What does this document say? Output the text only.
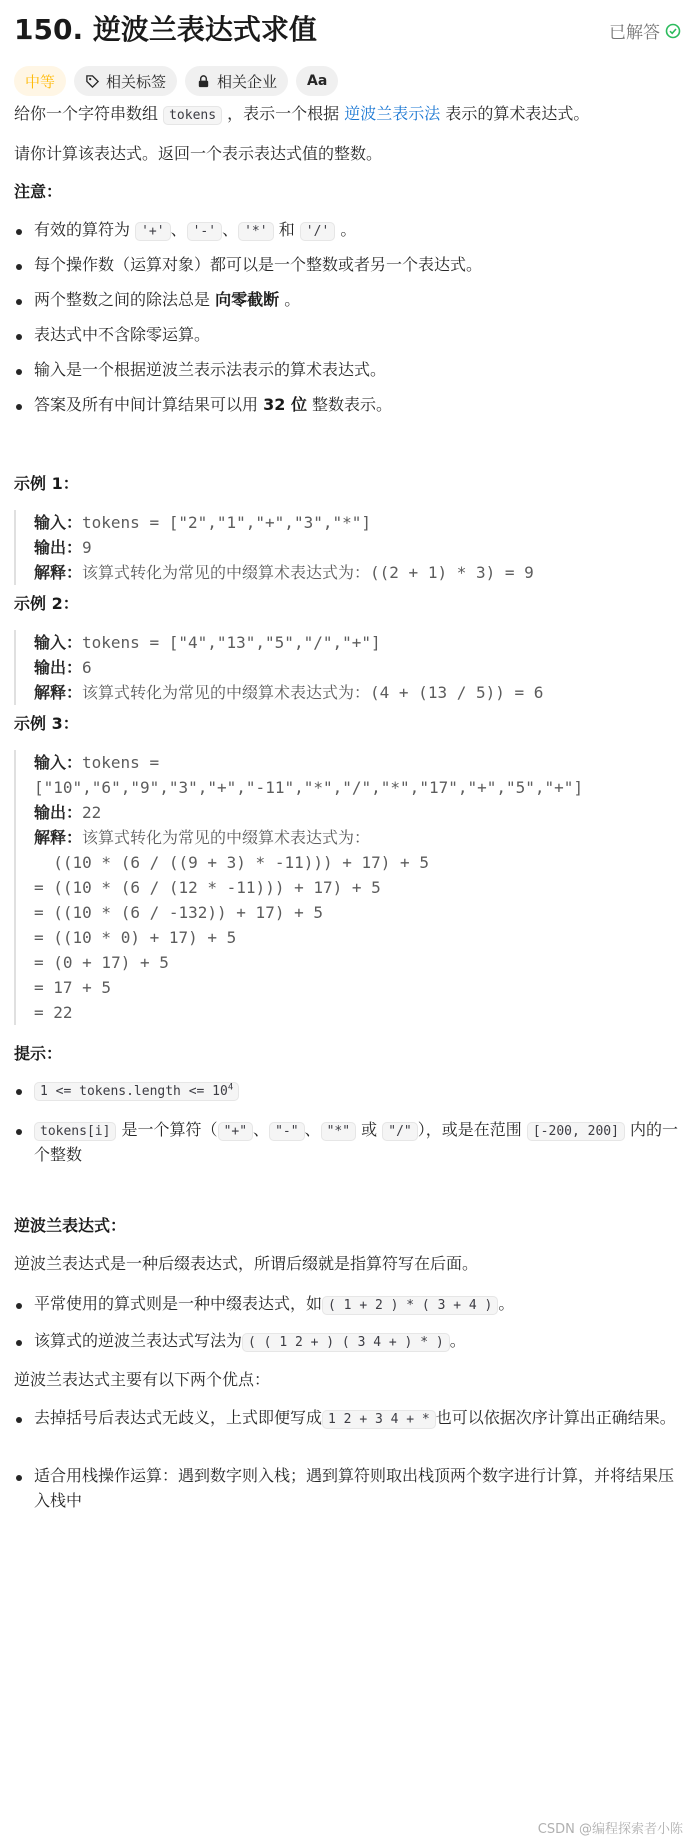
150. 逆波兰表达式求值	已解答
中等	相关标签	相关企业 Aa

给你一个字符串数组 tokens ，表示一个根据 逆波兰表示法 表示的算术表达式。

请你计算该表达式。返回一个表示表达式值的整数。

注意：

有效的算符为 '+' 、 '-' 、 '*' 和 '/' 。
每个操作数（运算对象）都可以是一个整数或者另一个表达式。
两个整数之间的除法总是 向零截断 。
表达式中不含除零运算。
输入是一个根据逆波兰表示法表示的算术表达式。
答案及所有中间计算结果可以用 32 位 整数表示。

示例 1：

输入：tokens = ["2","1","+","3","*"]
输出：9
解释：该算式转化为常见的中缀算术表达式为：((2 + 1) * 3) = 9

示例 2：

输入：tokens = ["4","13","5","/","+"]
输出：6
解释：该算式转化为常见的中缀算术表达式为：(4 + (13 / 5)) = 6

示例 3：

输入：tokens =
["10","6","9","3","+","-11","*","/","*","17","+","5","+"]
输出：22
解释：该算式转化为常见的中缀算术表达式为：
((10 * (6 / ((9 + 3) * -11))) + 17) + 5
= ((10 * (6 / (12 * -11))) + 17) + 5
= ((10 * (6 / -132)) + 17) + 5
= ((10 * 0) + 17) + 5
= (0 + 17) + 5
= 17 + 5
= 22

提示：

1 <= tokens.length <= $10^4$
tokens[i] 是一个算符（ "+" 、 "-" 、 "*" 或 "/" ），或是在范围 [-200, 200] 内的一个整数

逆波兰表达式：

逆波兰表达式是一种后缀表达式，所谓后缀就是指算符写在后面。

平常使用的算式则是一种中缀表达式，如 ( 1 + 2 ) * ( 3 + 4 ) 。
该算式的逆波兰表达式写法为 ( ( 1 2 + ) ( 3 4 + ) * ) 。

逆波兰表达式主要有以下两个优点：

去掉括号后表达式无歧义，上式即便写成 1 2 + 3 4 + * 也可以依据次序计算出正确结果。
适合用栈操作运算：遇到数字则入栈；遇到算符则取出栈顶两个数字进行计算，并将结果压入栈中
CSDN @编程探索者小陈
